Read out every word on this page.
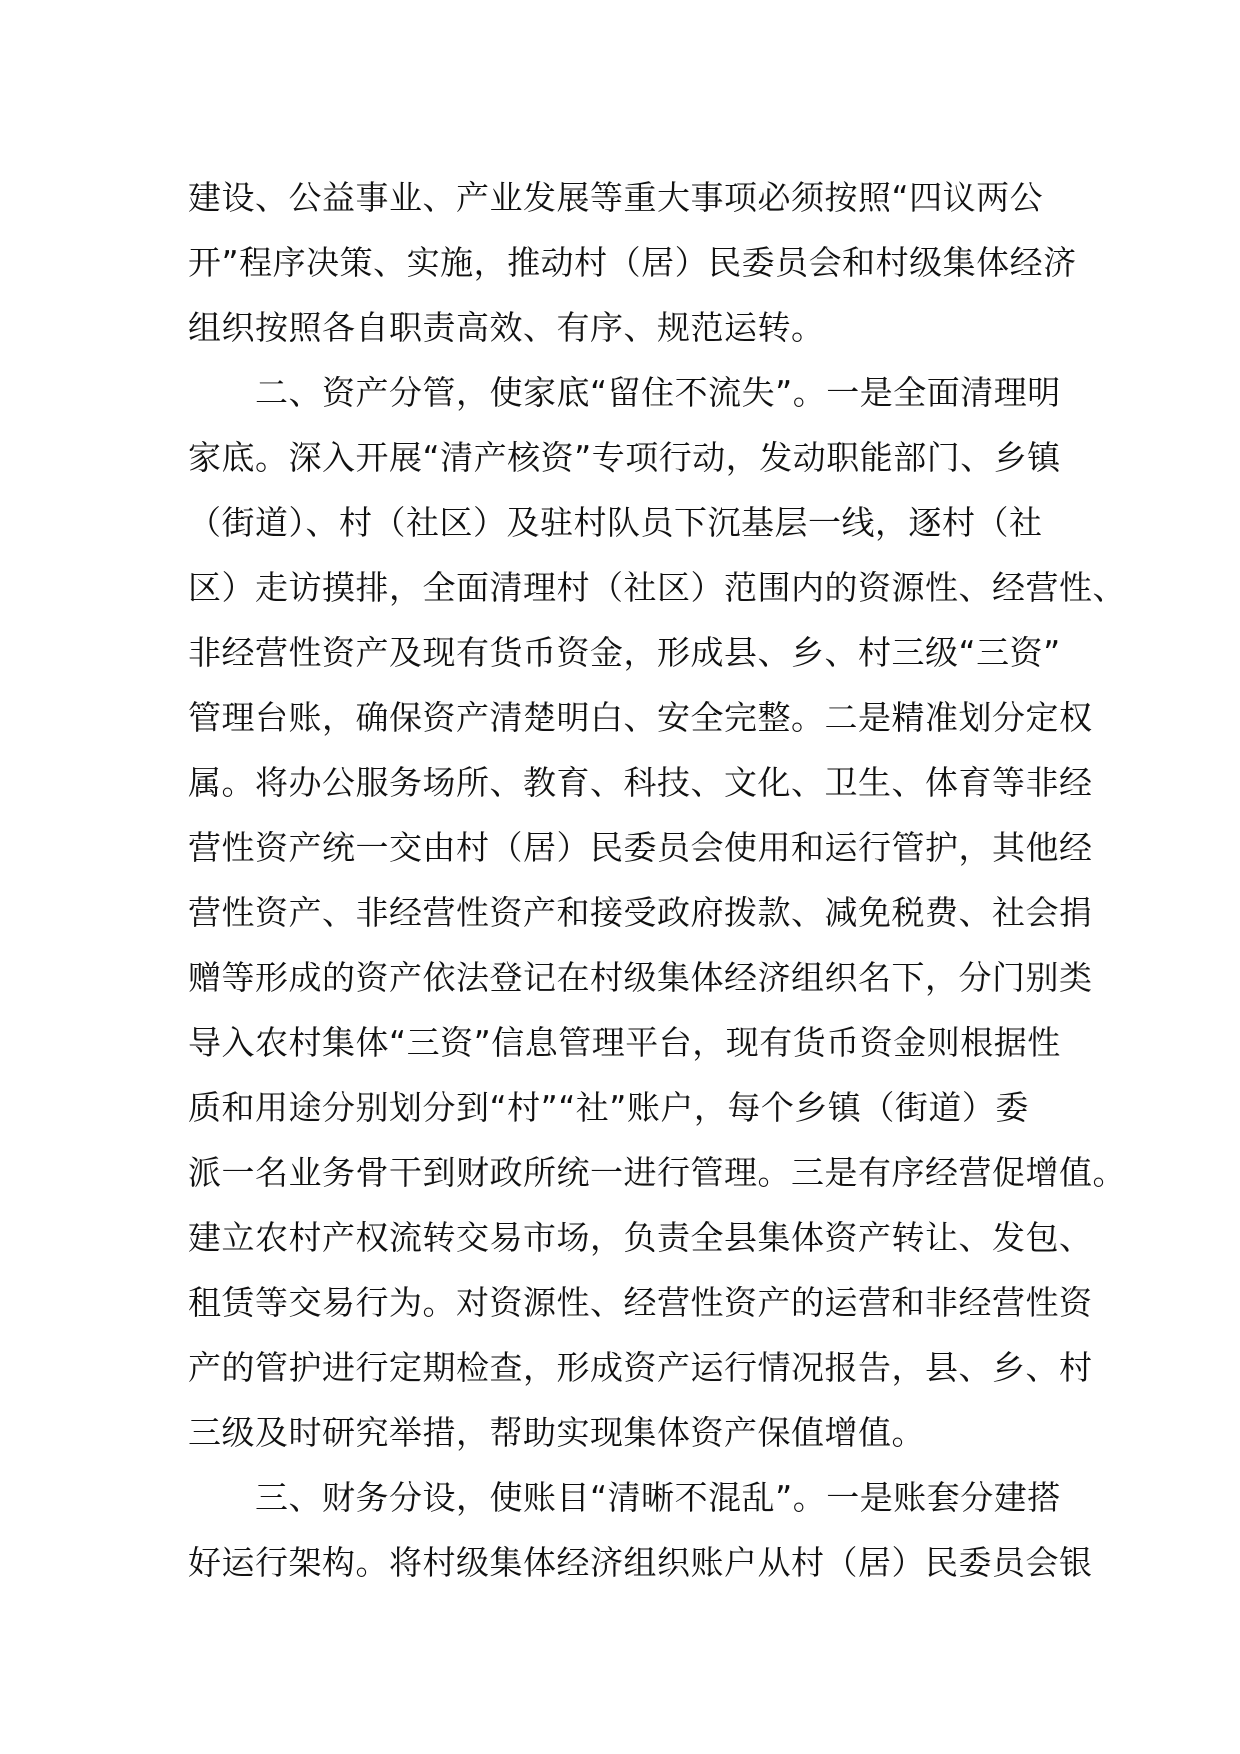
建设、公益事业、产业发展等重大事项必须按照“四议两公
开”程序决策、实施，推动村（居）民委员会和村级集体经济
组织按照各自职责高效、有序、规范运转。
　　二、资产分管，使家底“留住不流失”。一是全面清理明
家底。深入开展“清产核资”专项行动，发动职能部门、乡镇
（街道）、村（社区）及驻村队员下沉基层一线，逐村（社
区）走访摸排，全面清理村（社区）范围内的资源性、经营性、
非经营性资产及现有货币资金，形成县、乡、村三级“三资”
管理台账，确保资产清楚明白、安全完整。二是精准划分定权
属。将办公服务场所、教育、科技、文化、卫生、体育等非经
营性资产统一交由村（居）民委员会使用和运行管护，其他经
营性资产、非经营性资产和接受政府拨款、减免税费、社会捐
赠等形成的资产依法登记在村级集体经济组织名下，分门别类
导入农村集体“三资”信息管理平台，现有货币资金则根据性
质和用途分别划分到“村”“社”账户，每个乡镇（街道）委
派一名业务骨干到财政所统一进行管理。三是有序经营促增值。
建立农村产权流转交易市场，负责全县集体资产转让、发包、
租赁等交易行为。对资源性、经营性资产的运营和非经营性资
产的管护进行定期检查，形成资产运行情况报告，县、乡、村
三级及时研究举措，帮助实现集体资产保值增值。
　　三、财务分设，使账目“清晰不混乱”。一是账套分建搭
好运行架构。将村级集体经济组织账户从村（居）民委员会银
